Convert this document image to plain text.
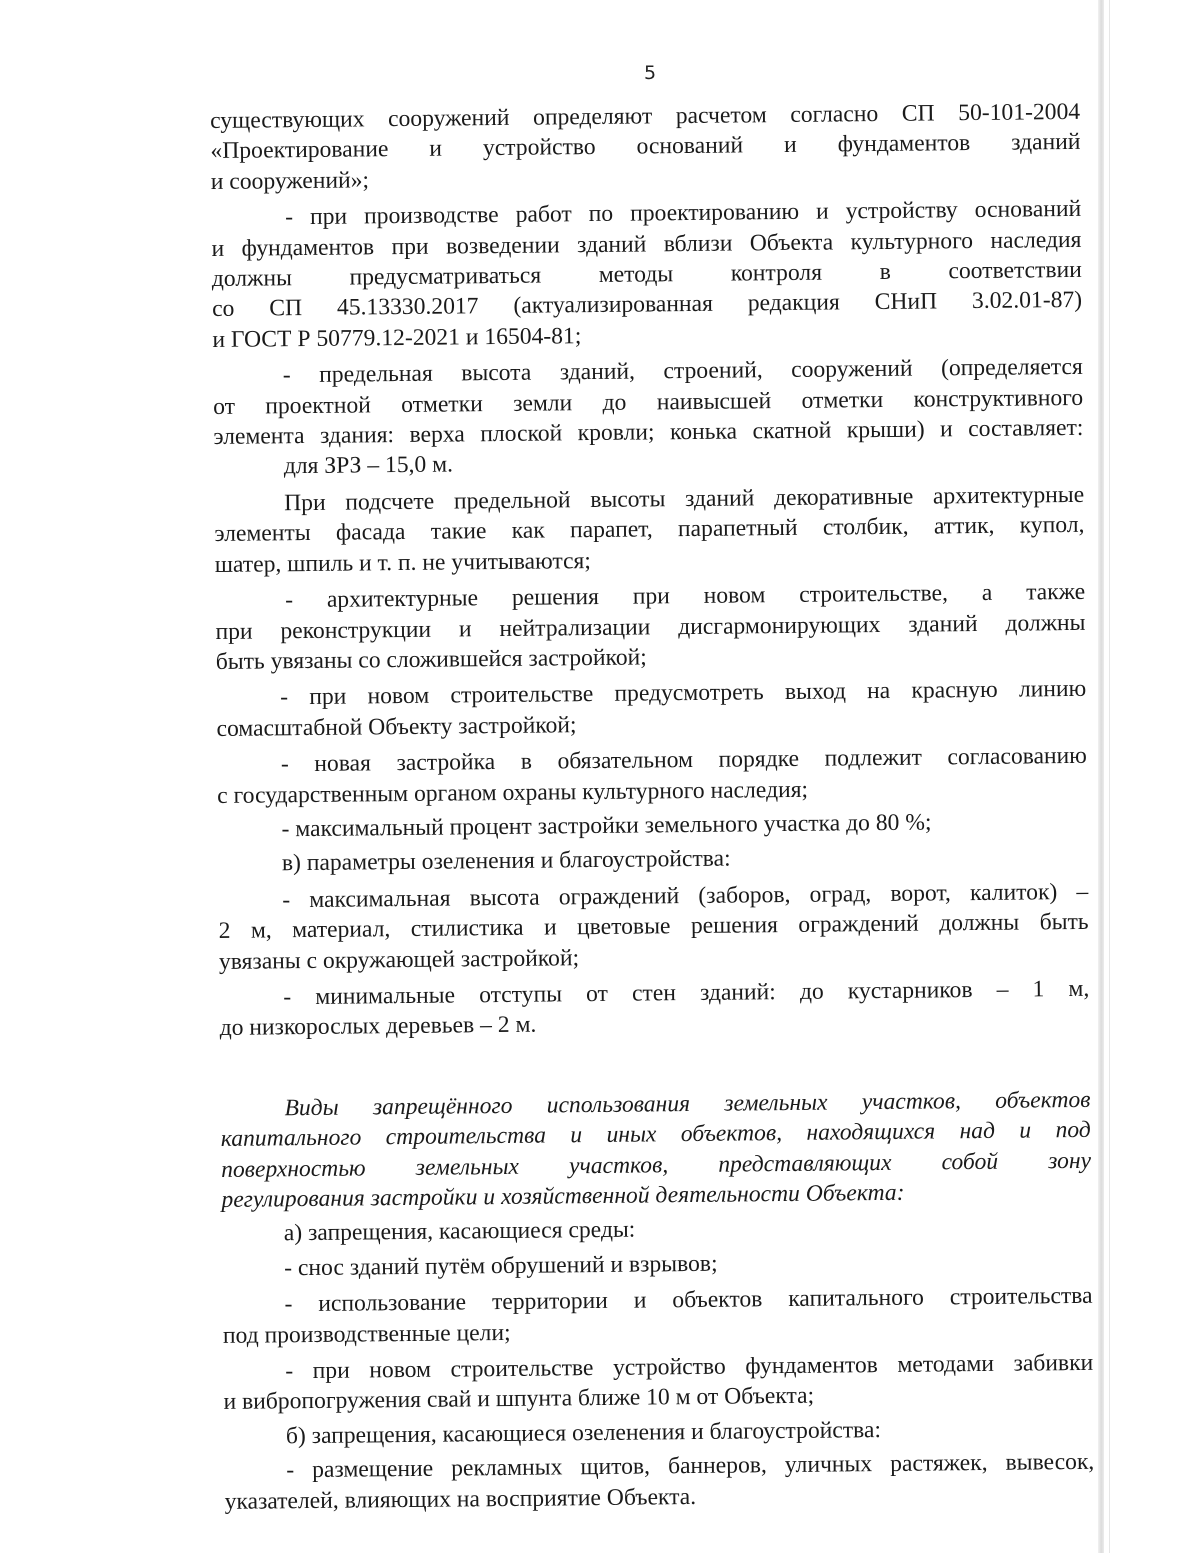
5
существующих сооружений определяют расчетом согласно СП 50-101-2004
«Проектирование и устройство оснований и фундаментов зданий
и сооружений»;
- при производстве работ по проектированию и устройству оснований
и фундаментов при возведении зданий вблизи Объекта культурного наследия
должны предусматриваться методы контроля в соответствии
со СП 45.13330.2017 (актуализированная редакция СНиП 3.02.01-87)
и ГОСТ Р 50779.12-2021 и 16504-81;
- предельная высота зданий, строений, сооружений (определяется
от проектной отметки земли до наивысшей отметки конструктивного
элемента здания: верха плоской кровли; конька скатной крыши) и составляет:
для ЗРЗ – 15,0 м.
При подсчете предельной высоты зданий декоративные архитектурные
элементы фасада такие как парапет, парапетный столбик, аттик, купол,
шатер, шпиль и т. п. не учитываются;
- архитектурные решения при новом строительстве, а также
при реконструкции и нейтрализации дисгармонирующих зданий должны
быть увязаны со сложившейся застройкой;
- при новом строительстве предусмотреть выход на красную линию
сомасштабной Объекту застройкой;
- новая застройка в обязательном порядке подлежит согласованию
с государственным органом охраны культурного наследия;
- максимальный процент застройки земельного участка до 80 %;
в) параметры озеленения и благоустройства:
- максимальная высота ограждений (заборов, оград, ворот, калиток) –
2 м, материал, стилистика и цветовые решения ограждений должны быть
увязаны с окружающей застройкой;
- минимальные отступы от стен зданий: до кустарников – 1 м,
до низкорослых деревьев – 2 м.
Виды запрещённого использования земельных участков, объектов
капитального строительства и иных объектов, находящихся над и под
поверхностью земельных участков, представляющих собой зону
регулирования застройки и хозяйственной деятельности Объекта:
а) запрещения, касающиеся среды:
- снос зданий путём обрушений и взрывов;
- использование территории и объектов капитального строительства
под производственные цели;
- при новом строительстве устройство фундаментов методами забивки
и вибропогружения свай и шпунта ближе 10 м от Объекта;
б) запрещения, касающиеся озеленения и благоустройства:
- размещение рекламных щитов, баннеров, уличных растяжек, вывесок,
указателей, влияющих на восприятие Объекта.
